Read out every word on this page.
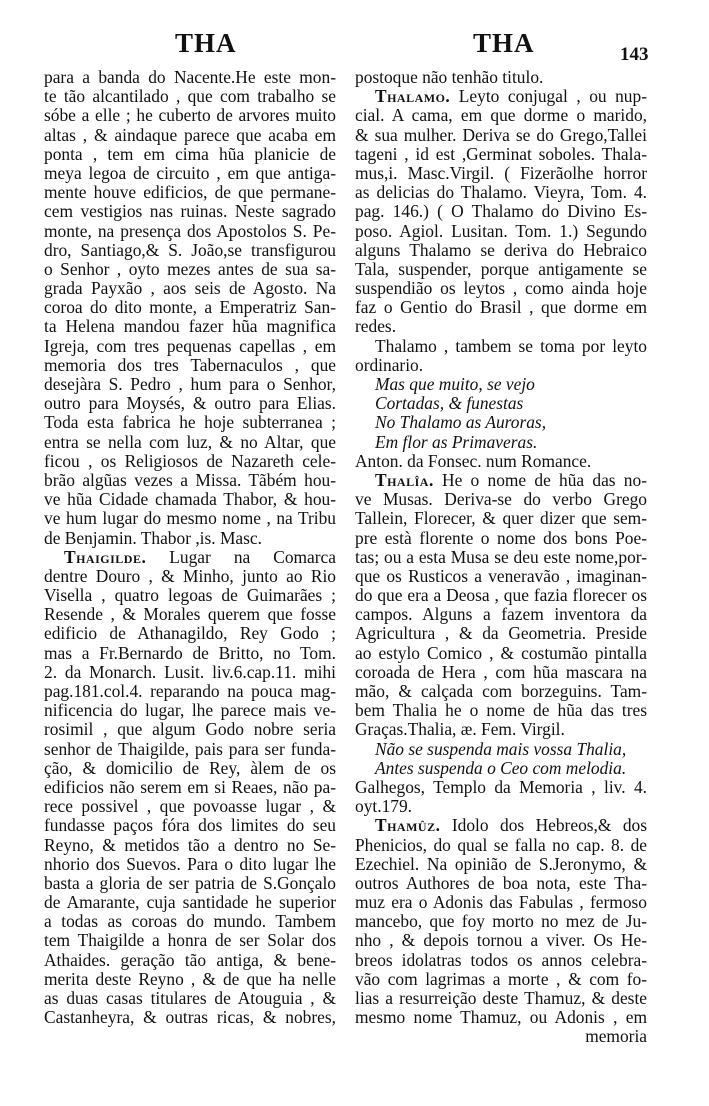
THA	THA	143
para a banda do Nacente.He este mon-
te tão alcantilado , que com trabalho se
sóbe a elle ; he cuberto de arvores muito
altas , & aindaque parece que acaba em
ponta , tem em cima hũa planicie de
meya legoa de circuito , em que antiga-
mente houve edificios, de que permane-
cem vestigios nas ruinas. Neste sagrado
monte, na presença dos Apostolos S. Pe-
dro, Santiago,& S. João,se transfigurou
o Senhor , oyto mezes antes de sua sa-
grada Payxão , aos seis de Agosto. Na
coroa do dito monte, a Emperatriz San-
ta Helena mandou fazer hũa magnifica
Igreja, com tres pequenas capellas , em
memoria dos tres Tabernaculos , que
desejàra S. Pedro , hum para o Senhor,
outro para Moysés, & outro para Elias.
Toda esta fabrica he hoje subterranea ;
entra se nella com luz, & no Altar, que
ficou , os Religiosos de Nazareth cele-
brão algũas vezes a Missa. Tãbém hou-
ve hũa Cidade chamada Thabor, & hou-
ve hum lugar do mesmo nome , na Tribu
de Benjamin. Thabor ,is. Masc.
Thaigilde. Lugar na Comarca
dentre Douro , & Minho, junto ao Rio
Visella , quatro legoas de Guimarães ;
Resende , & Morales querem que fosse
edificio de Athanagildo, Rey Godo ;
mas a Fr.Bernardo de Britto, no Tom.
2. da Monarch. Lusit. liv.6.cap.11. mihi
pag.181.col.4. reparando na pouca mag-
nificencia do lugar, lhe parece mais ve-
rosimil , que algum Godo nobre seria
senhor de Thaigilde, pais para ser funda-
ção, & domicilio de Rey, àlem de os
edificios não serem em si Reaes, não pa-
rece possivel , que povoasse lugar , &
fundasse paços fóra dos limites do seu
Reyno, & metidos tão a dentro no Se-
nhorio dos Suevos. Para o dito lugar lhe
basta a gloria de ser patria de S.Gonçalo
de Amarante, cuja santidade he superior
a todas as coroas do mundo. Tambem
tem Thaigilde a honra de ser Solar dos
Athaides. geração tão antiga, & bene-
merita deste Reyno , & de que ha nelle
as duas casas titulares de Atouguia , &
Castanheyra, & outras ricas, & nobres,
postoque não tenhão titulo.
Thalamo. Leyto conjugal , ou nup-
cial. A cama, em que dorme o marido,
& sua mulher. Deriva se do Grego,Tallei
tageni , id est ,Germinat soboles. Thala-
mus,i. Masc.Virgil. ( Fizerãolhe horror
as delicias do Thalamo. Vieyra, Tom. 4.
pag. 146.) ( O Thalamo do Divino Es-
poso. Agiol. Lusitan. Tom. 1.) Segundo
alguns Thalamo se deriva do Hebraico
Tala, suspender, porque antigamente se
suspendião os leytos , como ainda hoje
faz o Gentio do Brasil , que dorme em
redes.
Thalamo , tambem se toma por leyto
ordinario.
Mas que muito, se vejo
Cortadas, & funestas
No Thalamo as Auroras,
Em flor as Primaveras.
Anton. da Fonsec. num Romance.
Thalîa. He o nome de hũa das no-
ve Musas. Deriva-se do verbo Grego
Tallein, Florecer, & quer dizer que sem-
pre està florente o nome dos bons Poe-
tas; ou a esta Musa se deu este nome,por-
que os Rusticos a veneravão , imaginan-
do que era a Deosa , que fazia florecer os
campos. Alguns a fazem inventora da
Agricultura , & da Geometria. Preside
ao estylo Comico , & costumão pintalla
coroada de Hera , com hũa mascara na
mão, & calçada com borzeguins. Tam-
bem Thalia he o nome de hũa das tres
Graças.Thalia, æ. Fem. Virgil.
Não se suspenda mais vossa Thalia,
Antes suspenda o Ceo com melodia.
Galhegos, Templo da Memoria , liv. 4.
oyt.179.
Thamûz. Idolo dos Hebreos,& dos
Phenicios, do qual se falla no cap. 8. de
Ezechiel. Na opinião de S.Jeronymo, &
outros Authores de boa nota, este Tha-
muz era o Adonis das Fabulas , fermoso
mancebo, que foy morto no mez de Ju-
nho , & depois tornou a viver. Os He-
breos idolatras todos os annos celebra-
vão com lagrimas a morte , & com fo-
lias a resurreição deste Thamuz, & deste
mesmo nome Thamuz, ou Adonis , em
memoria
